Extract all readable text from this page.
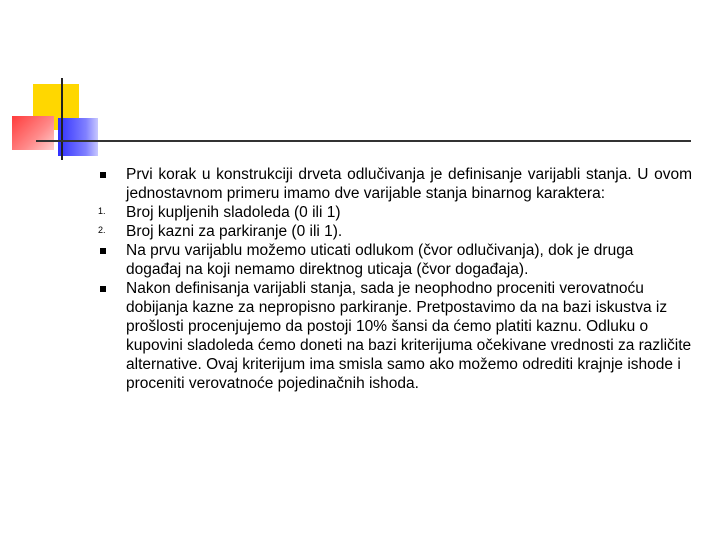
Prvi korak u konstrukciji drveta odlučivanja je definisanje varijabli stanja. U ovom jednostavnom primeru imamo dve varijable stanja binarnog karaktera:
1. Broj kupljenih sladoleda (0 ili 1)
2. Broj kazni za parkiranje (0 ili 1).
Na prvu varijablu možemo uticati odlukom (čvor odlučivanja), dok je druga događaj na koji nemamo direktnog uticaja (čvor događaja).
Nakon definisanja varijabli stanja, sada je neophodno proceniti verovatnoću dobijanja kazne za nepropisno parkiranje. Pretpostavimo da na bazi iskustva iz prošlosti procenjujemo da postoji 10% šansi da ćemo platiti kaznu. Odluku o kupovini sladoleda ćemo doneti na bazi kriterijuma očekivane vrednosti za različite alternative. Ovaj kriterijum ima smisla samo ako možemo odrediti krajnje ishode i proceniti verovatnoće pojedinačnih ishoda.
